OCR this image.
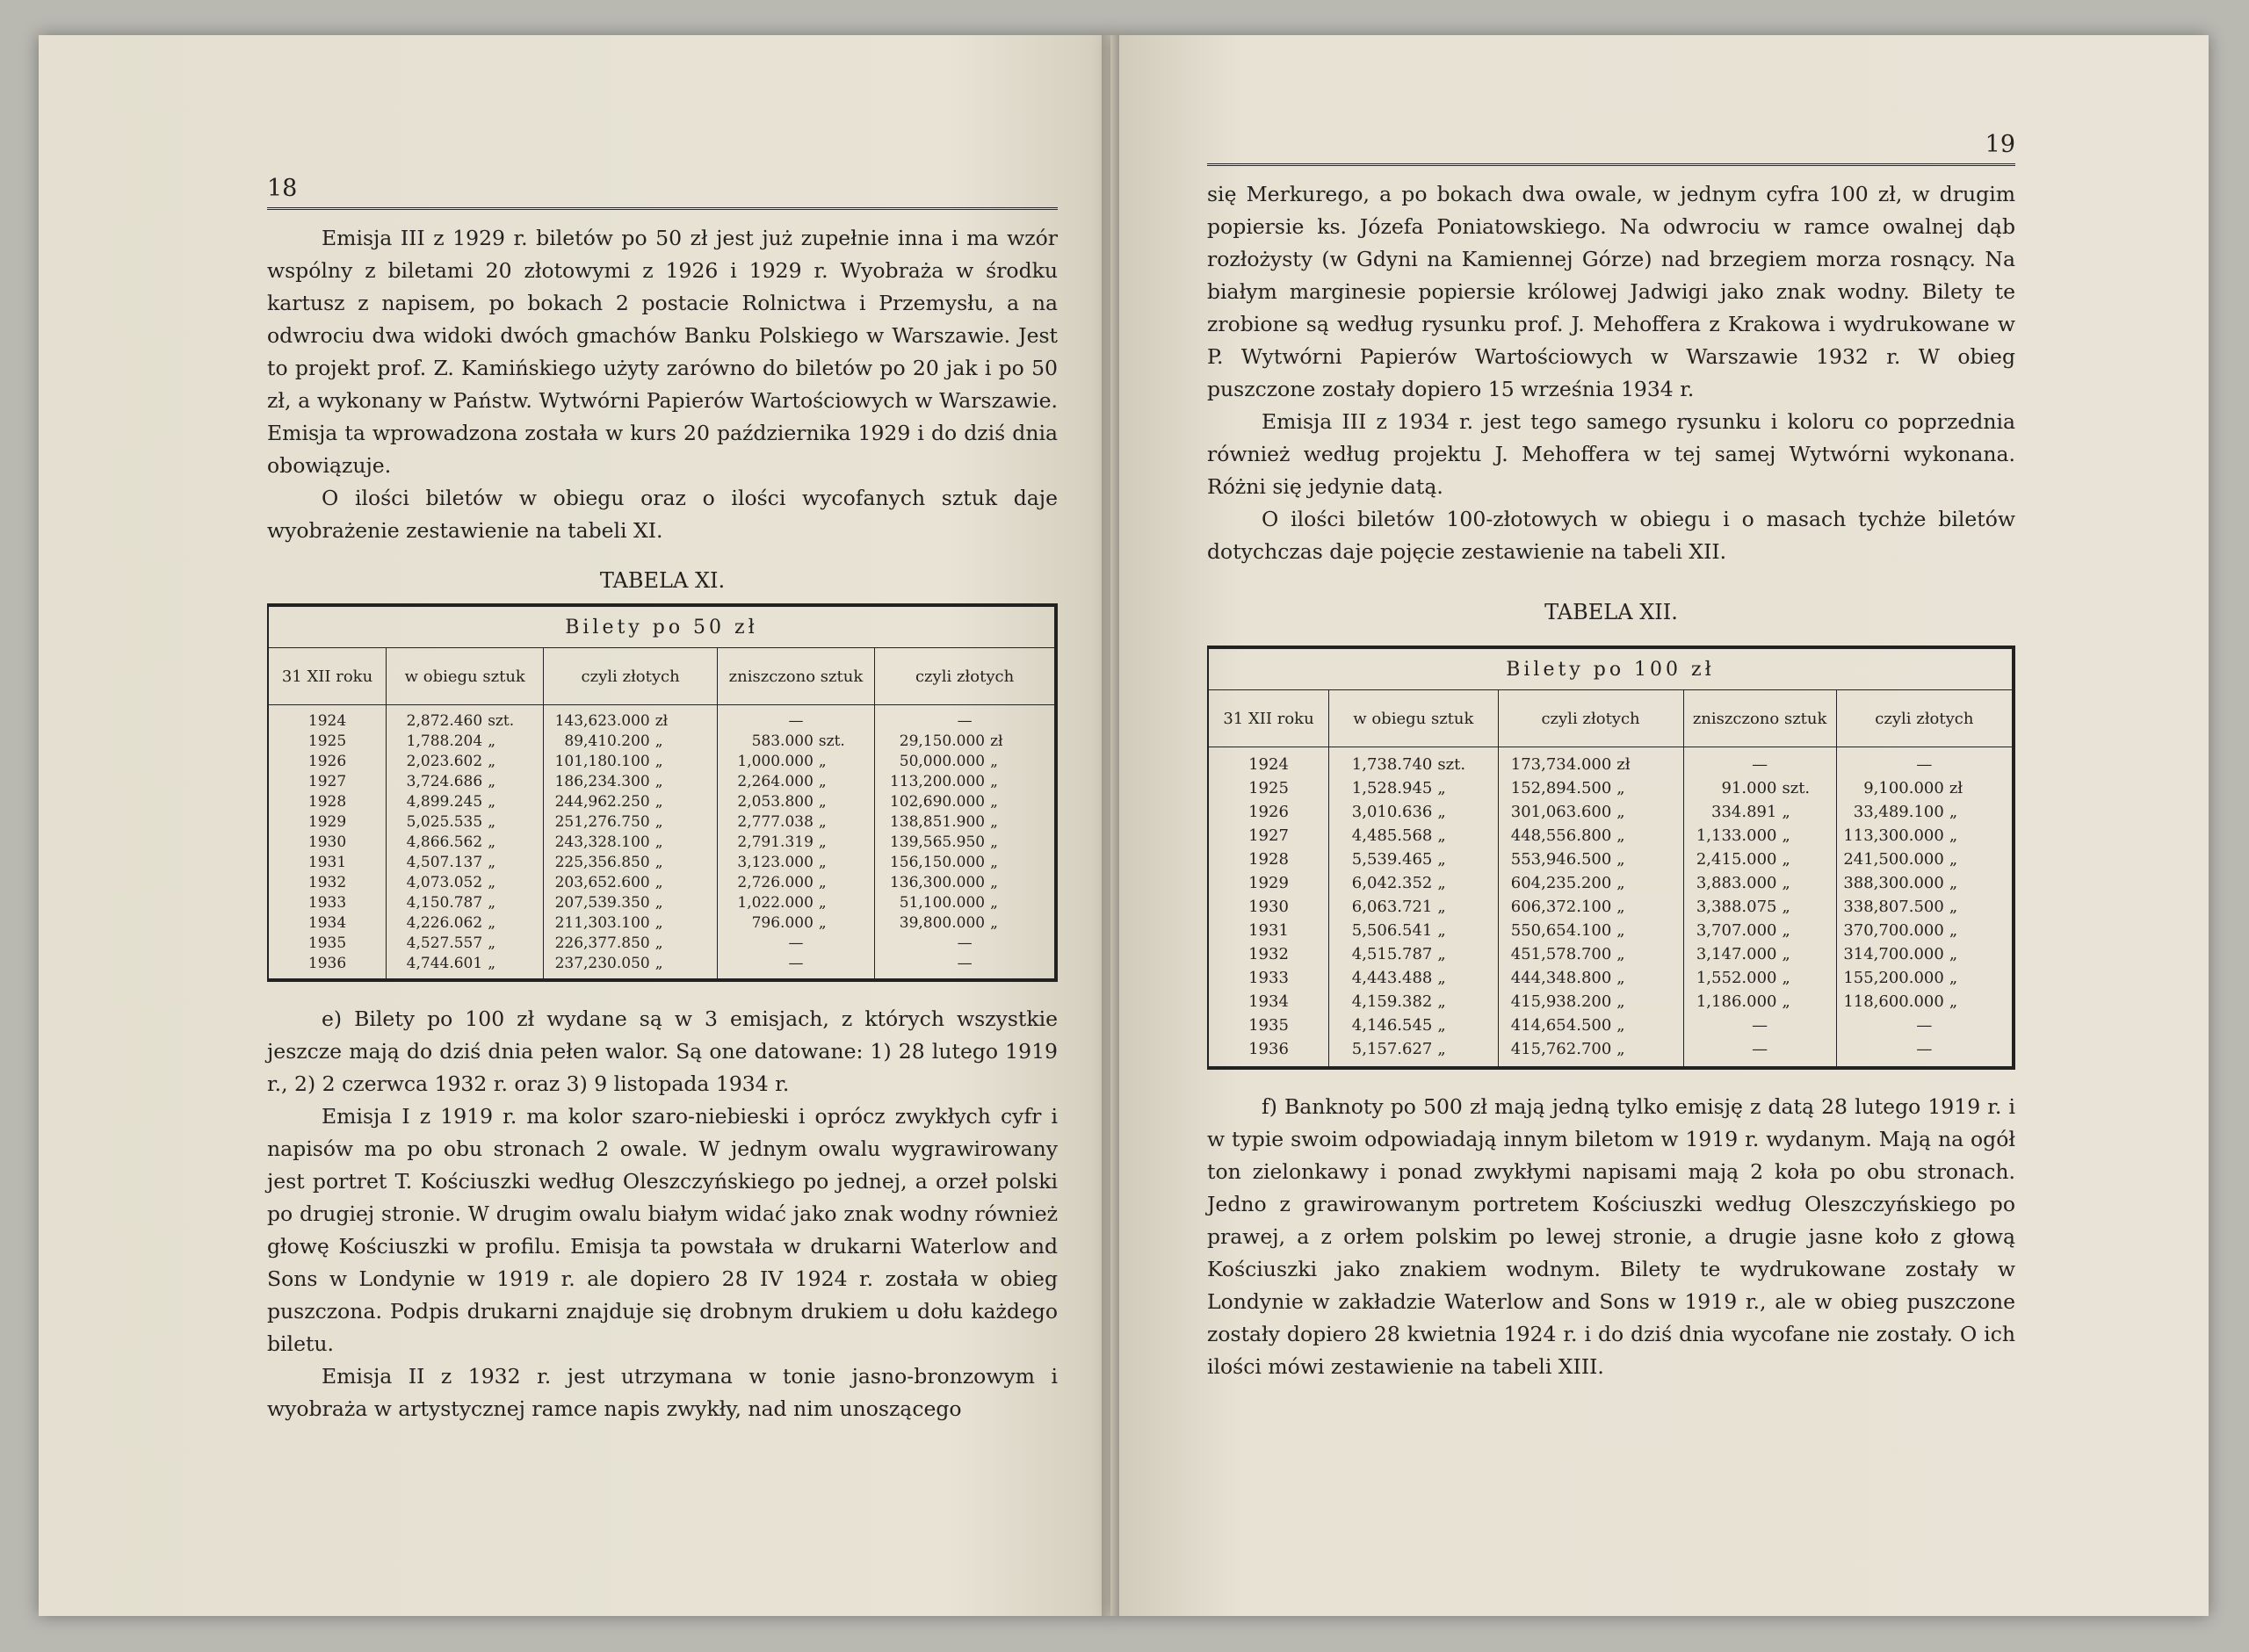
18

Emisja III z 1929 r. biletów po 50 zł jest już zupełnie inna i ma wzór wspólny z biletami 20 złotowymi z 1926 i 1929 r. Wyobraża w środku kartusz z napisem, po bokach 2 postacie Rolnictwa i Przemysłu, a na odwrociu dwa widoki dwóch gmachów Banku Polskiego w Warszawie. Jest to projekt prof. Z. Kamińskiego użyty zarówno do biletów po 20 jak i po 50 zł, a wykonany w Państw. Wytwórni Papierów Wartościowych w Warszawie. Emisja ta wprowadzona została w kurs 20 października 1929 i do dziś dnia obowiązuje.

O ilości biletów w obiegu oraz o ilości wycofanych sztuk daje wyobrażenie zestawienie na tabeli XI.

TABELA XI.
Bilety po 50 zł				
31 XII roku	w obiegu sztuk	czyli złotych	zniszczono sztuk	czyli złotych
1924	2,872.460 szt.	143,623.000 zł	—	—

1925	1,788.204 „	89,410.200 „	583.000 szt.	29,150.000 zł
1926	2,023.602 „	101,180.100 „	1,000.000 „	50,000.000 „
1927	3,724.686 „	186,234.300 „	2,264.000 „	113,200.000 „
1928	4,899.245 „	244,962.250 „	2,053.800 „	102,690.000 „
1929	5,025.535 „	251,276.750 „	2,777.038 „	138,851.900 „
1930	4,866.562 „	243,328.100 „	2,791.319 „	139,565.950 „
1931	4,507.137 „	225,356.850 „	3,123.000 „	156,150.000 „
1932	4,073.052 „	203,652.600 „	2,726.000 „	136,300.000 „
1933	4,150.787 „	207,539.350 „	1,022.000 „	51,100.000 „
1934	4,226.062 „	211,303.100 „	796.000 „	39,800.000 „
1935	4,527.557 „	226,377.850 „	—	—

1936	4,744.601 „	237,230.050 „	—	—

e) Bilety po 100 zł wydane są w 3 emisjach, z których wszystkie jeszcze mają do dziś dnia pełen walor. Są one datowane: 1) 28 lutego 1919 r., 2) 2 czerwca 1932 r. oraz 3) 9 listopada 1934 r.

Emisja I z 1919 r. ma kolor szaro-niebieski i oprócz zwykłych cyfr i napisów ma po obu stronach 2 owale. W jednym owalu wygrawirowany jest portret T. Kościuszki według Oleszczyńskiego po jednej, a orzeł polski po drugiej stronie. W drugim owalu białym widać jako znak wodny również głowę Kościuszki w profilu. Emisja ta powstała w drukarni Waterlow and Sons w Londynie w 1919 r. ale dopiero 28 IV 1924 r. została w obieg puszczona. Podpis drukarni znajduje się drobnym drukiem u dołu każdego biletu.

Emisja II z 1932 r. jest utrzymana w tonie jasno-bronzowym i wyobraża w artystycznej ramce napis zwykły, nad nim unoszącego

19

się Merkurego, a po bokach dwa owale, w jednym cyfra 100 zł, w drugim popiersie ks. Józefa Poniatowskiego. Na odwrociu w ramce owalnej dąb rozłożysty (w Gdyni na Kamiennej Górze) nad brzegiem morza rosnący. Na białym marginesie popiersie królowej Jadwigi jako znak wodny. Bilety te zrobione są według rysunku prof. J. Mehoffera z Krakowa i wydrukowane w P. Wytwórni Papierów Wartościowych w Warszawie 1932 r. W obieg puszczone zostały dopiero 15 września 1934 r.

Emisja III z 1934 r. jest tego samego rysunku i koloru co poprzednia również według projektu J. Mehoffera w tej samej Wytwórni wykonana. Różni się jedynie datą.

O ilości biletów 100-złotowych w obiegu i o masach tychże biletów dotychczas daje pojęcie zestawienie na tabeli XII.

TABELA XII.
Bilety po 100 zł				
31 XII roku	w obiegu sztuk	czyli złotych	zniszczono sztuk	czyli złotych
1924	1,738.740 szt.	173,734.000 zł	—	—

1925	1,528.945 „	152,894.500 „	91.000 szt.	9,100.000 zł
1926	3,010.636 „	301,063.600 „	334.891 „	33,489.100 „
1927	4,485.568 „	448,556.800 „	1,133.000 „	113,300.000 „
1928	5,539.465 „	553,946.500 „	2,415.000 „	241,500.000 „
1929	6,042.352 „	604,235.200 „	3,883.000 „	388,300.000 „
1930	6,063.721 „	606,372.100 „	3,388.075 „	338,807.500 „
1931	5,506.541 „	550,654.100 „	3,707.000 „	370,700.000 „
1932	4,515.787 „	451,578.700 „	3,147.000 „	314,700.000 „
1933	4,443.488 „	444,348.800 „	1,552.000 „	155,200.000 „
1934	4,159.382 „	415,938.200 „	1,186.000 „	118,600.000 „
1935	4,146.545 „	414,654.500 „	—	—

1936	5,157.627 „	415,762.700 „	—	—

f) Banknoty po 500 zł mają jedną tylko emisję z datą 28 lutego 1919 r. i w typie swoim odpowiadają innym biletom w 1919 r. wydanym. Mają na ogół ton zielonkawy i ponad zwykłymi napisami mają 2 koła po obu stronach. Jedno z grawirowanym portretem Kościuszki według Oleszczyńskiego po prawej, a z orłem polskim po lewej stronie, a drugie jasne koło z głową Kościuszki jako znakiem wodnym. Bilety te wydrukowane zostały w Londynie w zakładzie Waterlow and Sons w 1919 r., ale w obieg puszczone zostały dopiero 28 kwietnia 1924 r. i do dziś dnia wycofane nie zostały. O ich ilości mówi zestawienie na tabeli XIII.
